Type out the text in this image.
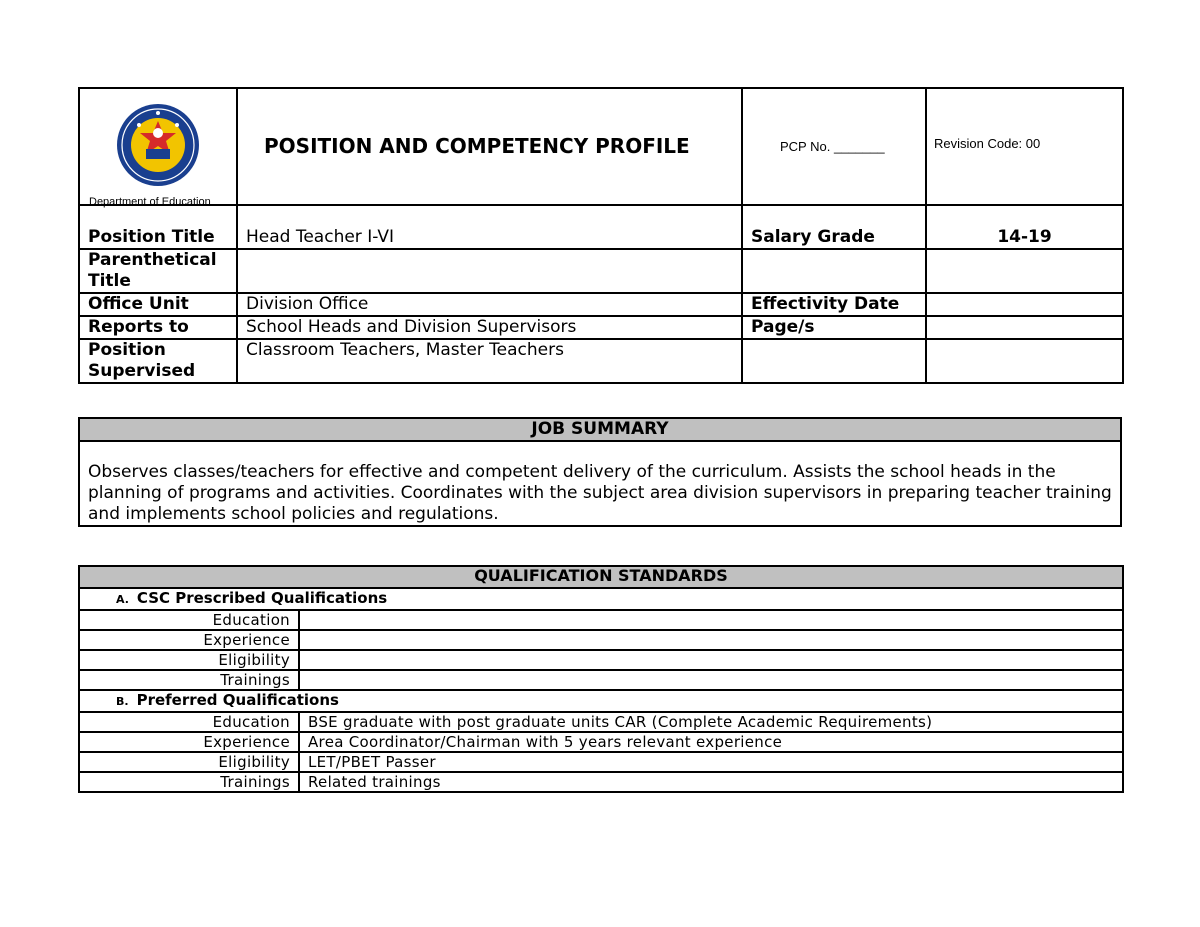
Department of Education	POSITION AND COMPETENCY PROFILE	PCP No. _______	Revision Code: 00
Position Title	Head Teacher I-VI	Salary Grade	14-19
Parenthetical Title			
Office Unit	Division Office	Effectivity Date	
Reports to	School Heads and Division Supervisors	Page/s	
Position Supervised	Classroom Teachers, Master Teachers		
JOB SUMMARY
Observes classes/teachers for effective and competent delivery of the curriculum. Assists the school heads in the planning of programs and activities. Coordinates with the subject area division supervisors in preparing teacher training and implements school policies and regulations.
QUALIFICATION STANDARDS	
A. CSC Prescribed Qualifications	
Education	
Experience	
Eligibility	
Trainings	
B. Preferred Qualifications	
Education	BSE graduate with post graduate units CAR (Complete Academic Requirements)
Experience	Area Coordinator/Chairman with 5 years relevant experience
Eligibility	LET/PBET Passer
Trainings	Related trainings
